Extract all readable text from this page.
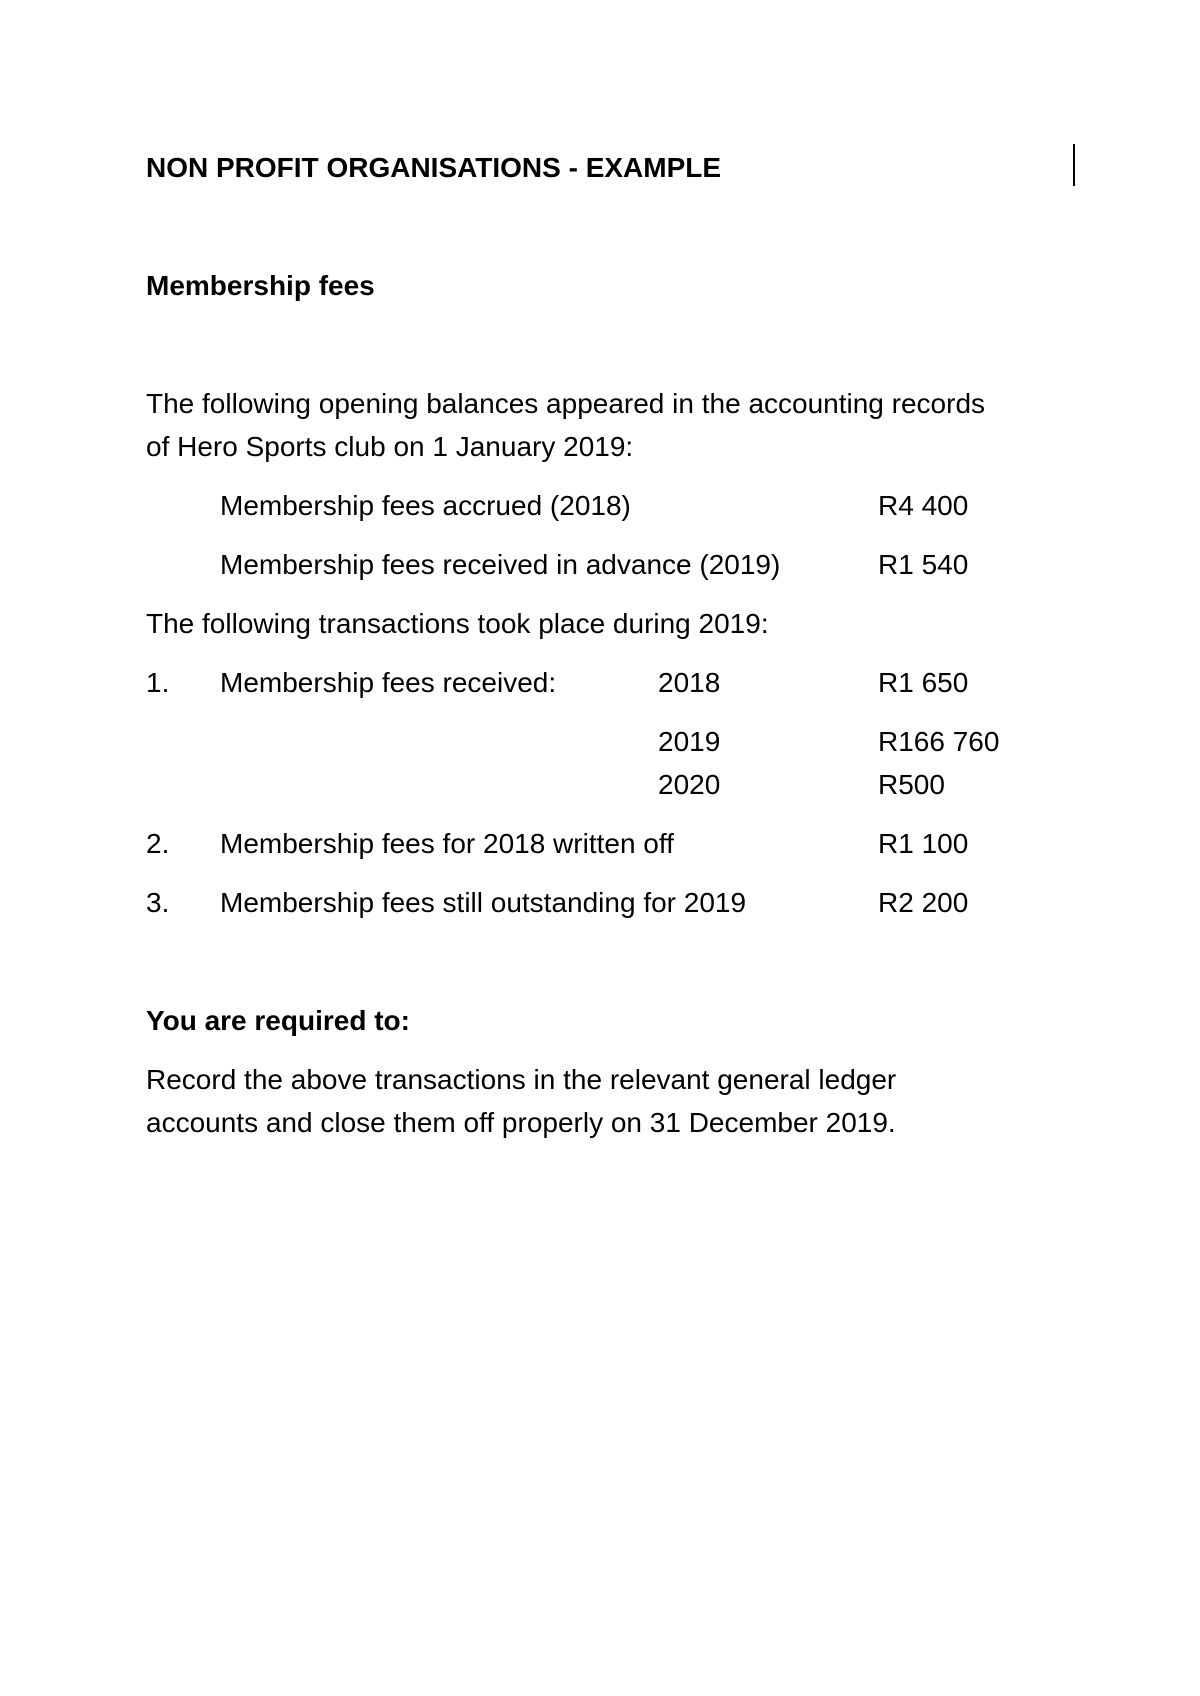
NON PROFIT ORGANISATIONS - EXAMPLE
Membership fees
The following opening balances appeared in the accounting records
of Hero Sports club on 1 January 2019:
Membership fees accrued (2018)	R4 400
Membership fees received in advance (2019)	R1 540
The following transactions took place during 2019:
1. Membership fees received:	2018	R1 650
2019	R166 760
2020	R500
2. Membership fees for 2018 written off	R1 100
3. Membership fees still outstanding for 2019	R2 200
You are required to:
Record the above transactions in the relevant general ledger
accounts and close them off properly on 31 December 2019.
